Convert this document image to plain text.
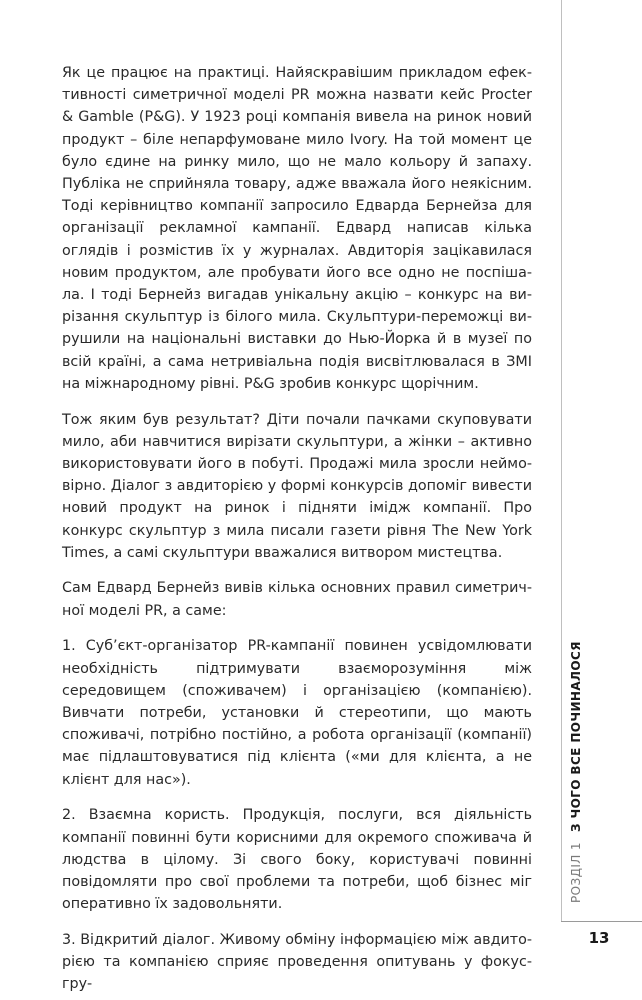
Як це працює на практиці. Найяскравішим прикладом ефективності симетричної моделі PR можна назвати кейс Procter & Gamble (P&G). У 1923 році компанія вивела на ринок новий продукт – біле непарфумоване мило Ivory. На той момент це було єдине на ринку мило, що не мало кольору й запаху. Публіка не сприйняла товару, адже вважала його неякісним. Тоді керівництво компанії запросило Едварда Бернейза для організації рекламної кампанії. Едвард написав кілька оглядів і розмістив їх у журналах. Авдиторія зацікавилася новим продуктом, але пробувати його все одно не поспішала. І тоді Бернейз вигадав унікальну акцію – конкурс на вирізання скульптур із білого мила. Скульптури-переможці вирушили на національні виставки до Нью-Йорка й в музеї по всій країні, а сама нетривіальна подія висвітлювалася в ЗМІ на міжнародному рівні. P&G зробив конкурс щорічним.

Тож яким був результат? Діти почали пачками скуповувати мило, аби навчитися вирізати скульптури, а жінки – активно використовувати його в побуті. Продажі мила зросли неймовірно. Діалог з авдиторією у формі конкурсів допоміг вивести новий продукт на ринок і підняти імідж компанії. Про конкурс скульптур з мила писали газети рівня The New York Times, а самі скульптури вважалися витвором мистецтва.

Сам Едвард Бернейз вивів кілька основних правил симетричної моделі PR, а саме:

1. Суб’єкт-організатор PR-кампанії повинен усвідомлювати необхідність підтримувати взаєморозуміння між середовищем (споживачем) і організацією (компанією). Вивчати потреби, установки й стереотипи, що мають споживачі, потрібно постійно, а робота організації (компанії) має підлаштовуватися під клієнта («ми для клієнта, а не клієнт для нас»).

2. Взаємна користь. Продукція, послуги, вся діяльність компанії повинні бути корисними для окремого споживача й людства в цілому. Зі свого боку, користувачі повинні повідомляти про свої проблеми та потреби, щоб бізнес міг оперативно їх задовольняти.

3. Відкритий діалог. Живому обміну інформацією між авдиторією та компанією сприяє проведення опитувань у фокус-гру-

РОЗДІЛ 1З ЧОГО ВСЕ ПОЧИНАЛОСЯ
13
